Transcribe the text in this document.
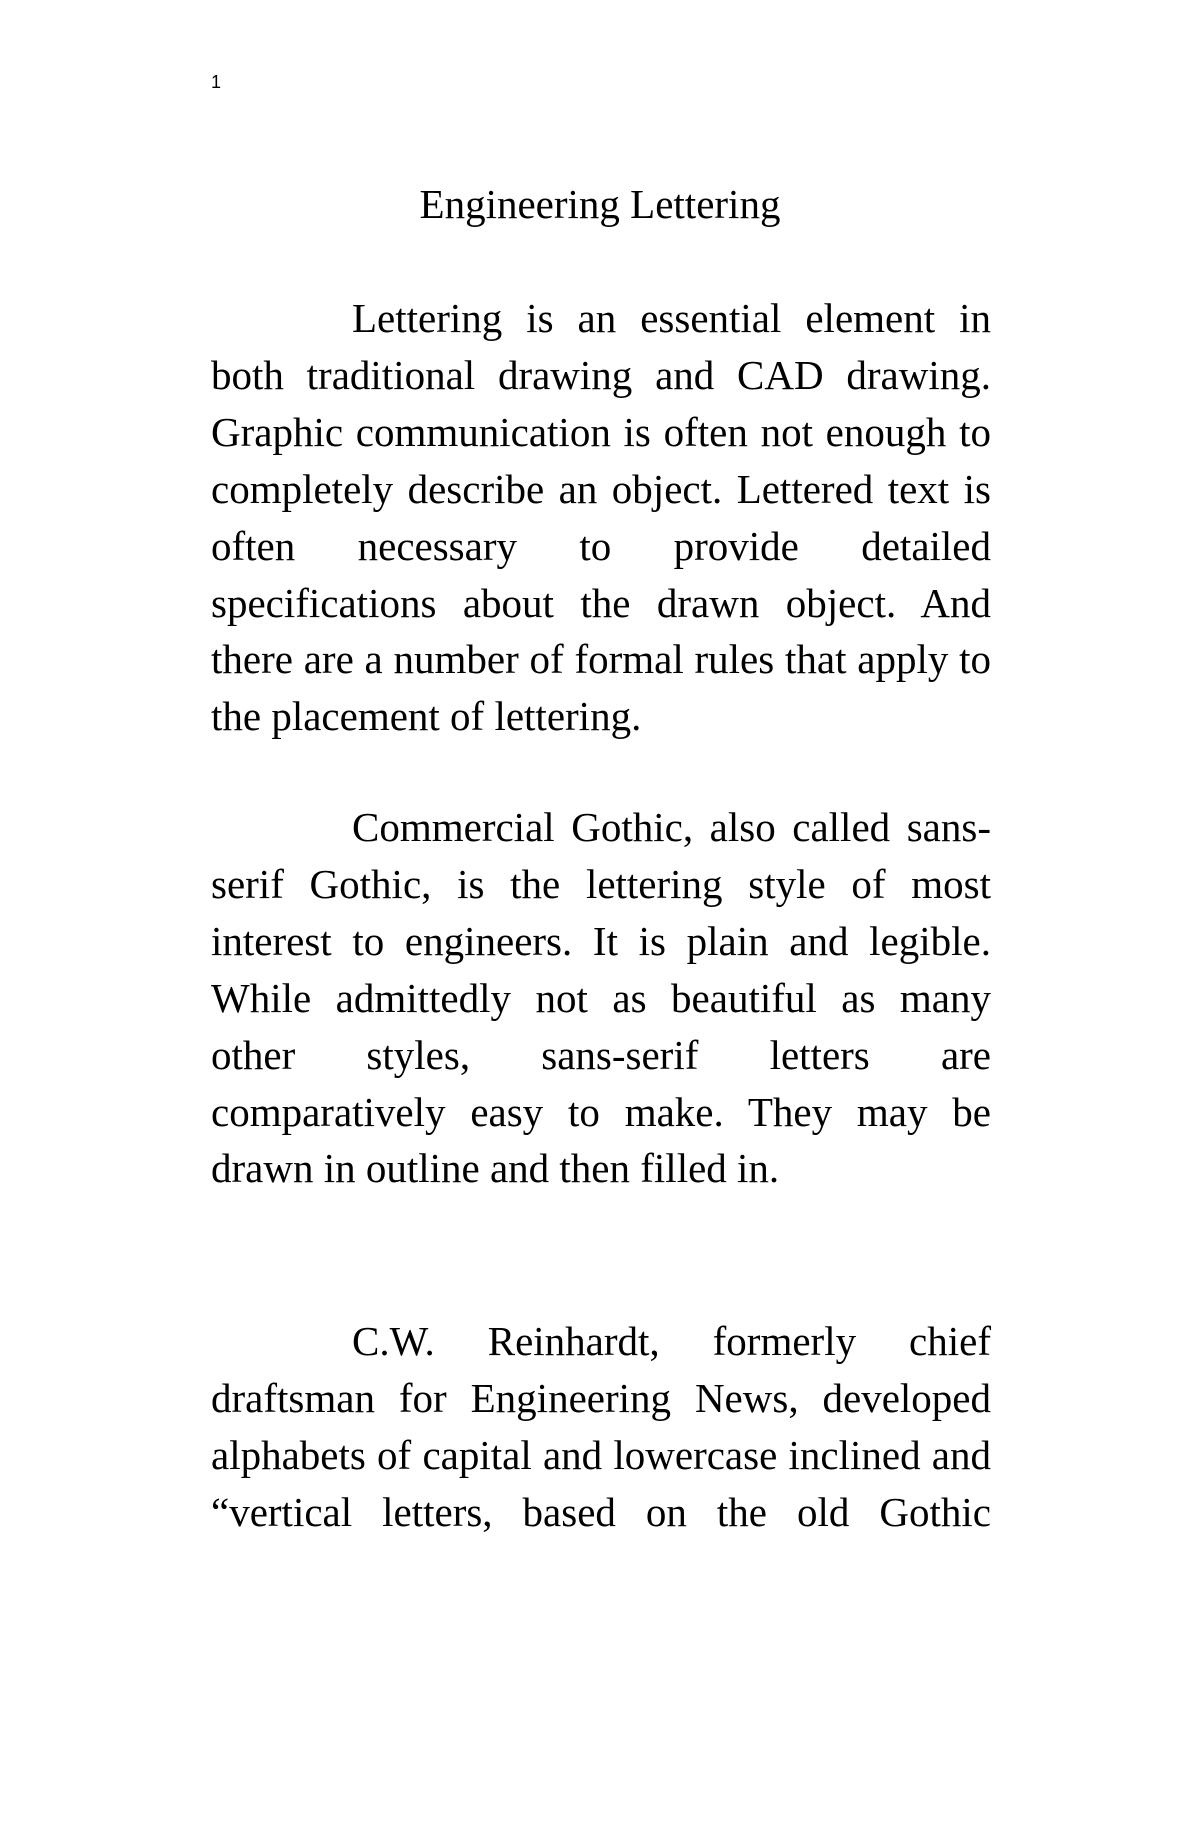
1
Engineering Lettering

Lettering is an essential element in both traditional drawing and CAD drawing. Graphic communication is often not enough to completely describe an object. Lettered text is often necessary to provide detailed specifications about the drawn object. And there are a number of formal rules that apply to the placement of lettering.

Commercial Gothic, also called sans-serif Gothic, is the lettering style of most interest to engineers. It is plain and legible. While admittedly not as beautiful as many other styles, sans-serif letters are comparatively easy to make. They may be drawn in outline and then filled in.

C.W. Reinhardt, formerly chief draftsman for Engineering News, developed alphabets of capital and lowercase inclined and “vertical letters, based on the old Gothic
